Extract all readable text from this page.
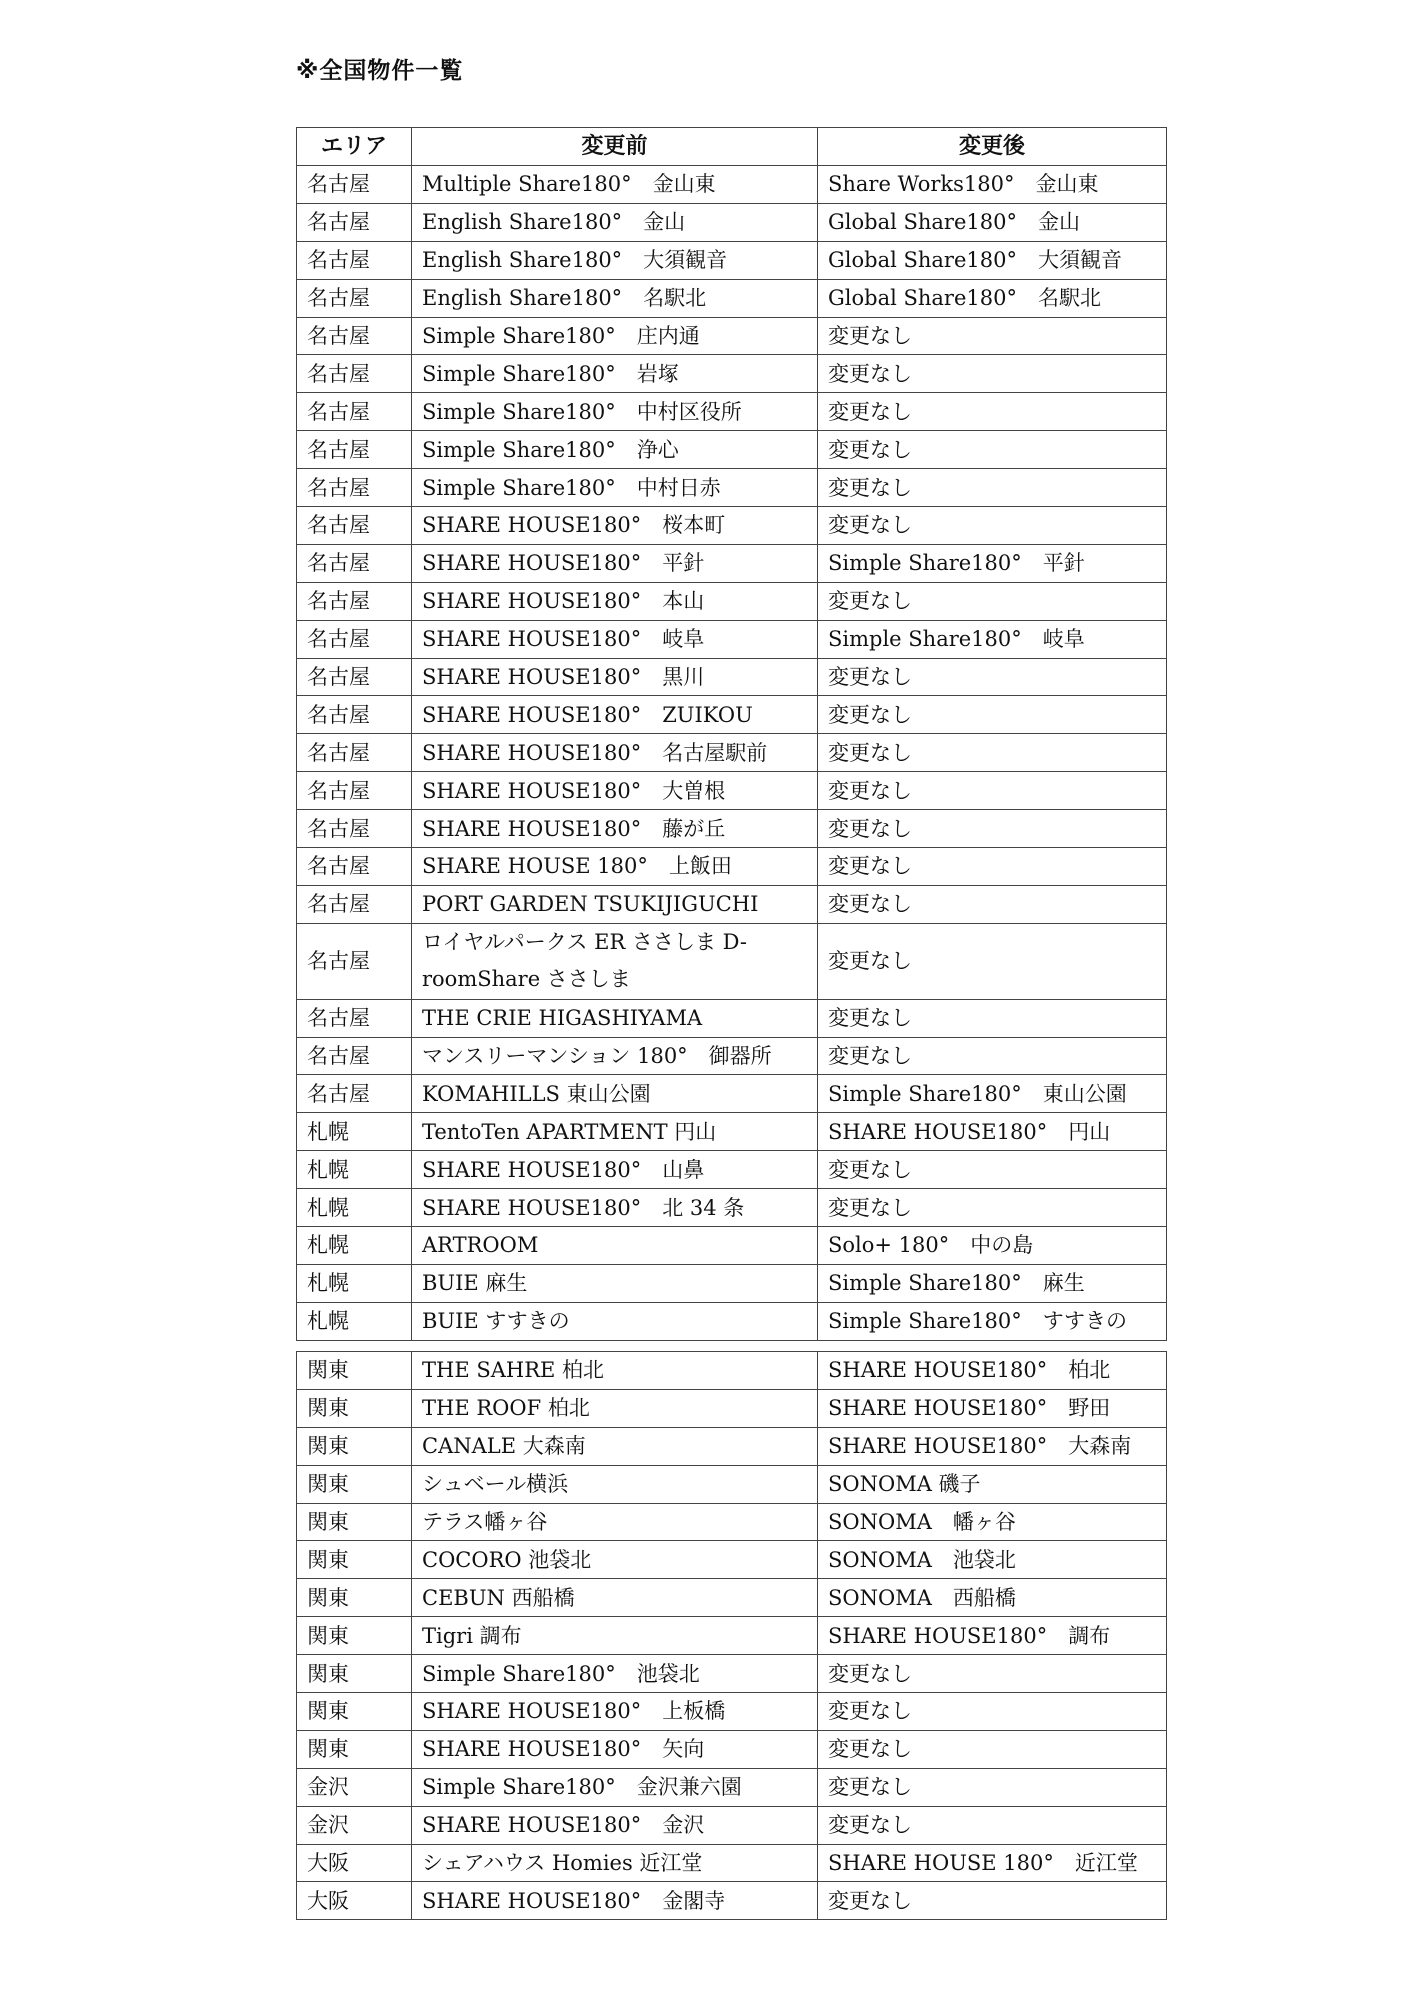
※全国物件一覧
エリア	変更前	変更後
名古屋	Multiple Share180°　金山東	Share Works180°　金山東
名古屋	English Share180°　金山	Global Share180°　金山
名古屋	English Share180°　大須観音	Global Share180°　大須観音
名古屋	English Share180°　名駅北	Global Share180°　名駅北
名古屋	Simple Share180°　庄内通	変更なし
名古屋	Simple Share180°　岩塚	変更なし
名古屋	Simple Share180°　中村区役所	変更なし
名古屋	Simple Share180°　浄心	変更なし
名古屋	Simple Share180°　中村日赤	変更なし
名古屋	SHARE HOUSE180°　桜本町	変更なし
名古屋	SHARE HOUSE180°　平針	Simple Share180°　平針
名古屋	SHARE HOUSE180°　本山	変更なし
名古屋	SHARE HOUSE180°　岐阜	Simple Share180°　岐阜
名古屋	SHARE HOUSE180°　黒川	変更なし
名古屋	SHARE HOUSE180°　ZUIKOU	変更なし
名古屋	SHARE HOUSE180°　名古屋駅前	変更なし
名古屋	SHARE HOUSE180°　大曽根	変更なし
名古屋	SHARE HOUSE180°　藤が丘	変更なし
名古屋	SHARE HOUSE 180°　上飯田	変更なし
名古屋	PORT GARDEN TSUKIJIGUCHI	変更なし
名古屋	ロイヤルパークス ER ささしま D-roomShare ささしま	変更なし
名古屋	THE CRIE HIGASHIYAMA	変更なし
名古屋	マンスリーマンション 180°　御器所	変更なし
名古屋	KOMAHILLS 東山公園	Simple Share180°　東山公園
札幌	TentoTen APARTMENT 円山	SHARE HOUSE180°　円山
札幌	SHARE HOUSE180°　山鼻	変更なし
札幌	SHARE HOUSE180°　北 34 条	変更なし
札幌	ARTROOM	Solo+ 180°　中の島
札幌	BUIE 麻生	Simple Share180°　麻生
札幌	BUIE すすきの	Simple Share180°　すすきの
関東	THE SAHRE 柏北	SHARE HOUSE180°　柏北
関東	THE ROOF 柏北	SHARE HOUSE180°　野田
関東	CANALE 大森南	SHARE HOUSE180°　大森南
関東	シュベール横浜	SONOMA 磯子
関東	テラス幡ヶ谷	SONOMA　幡ヶ谷
関東	COCORO 池袋北	SONOMA　池袋北
関東	CEBUN 西船橋	SONOMA　西船橋
関東	Tigri 調布	SHARE HOUSE180°　調布
関東	Simple Share180°　池袋北	変更なし
関東	SHARE HOUSE180°　上板橋	変更なし
関東	SHARE HOUSE180°　矢向	変更なし
金沢	Simple Share180°　金沢兼六園	変更なし
金沢	SHARE HOUSE180°　金沢	変更なし
大阪	シェアハウス Homies 近江堂	SHARE HOUSE 180°　近江堂
大阪	SHARE HOUSE180°　金閣寺	変更なし
